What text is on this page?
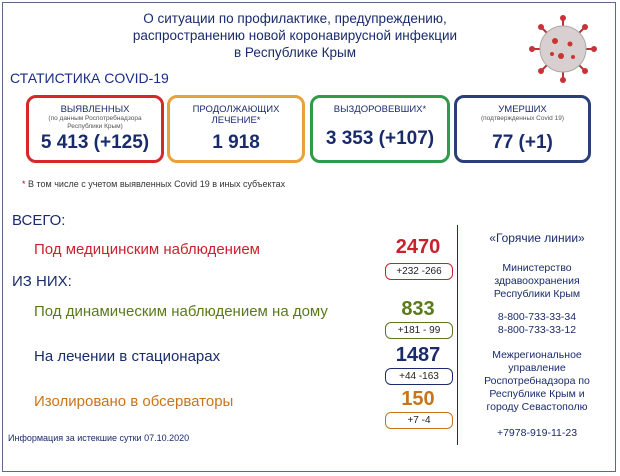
О ситуации по профилактике, предупреждению,
распространению новой коронавирусной инфекции
в Республике Крым
СТАТИСТИКА COVID-19
ВЫЯВЛЕННЫХ
(по данным Роспотребнадзора Республики Крым)
5 413 (+125)
ПРОДОЛЖАЮЩИХ ЛЕЧЕНИЕ*
1 918
ВЫЗДОРОВЕВШИХ*
3 353 (+107)
УМЕРШИХ
(подтвержденных Covid 19)
77 (+1)
* В том числе с учетом выявленных Covid 19 в иных субъектах
ВСЕГО:
ИЗ НИХ:
Под медицинским наблюдением	2470
+232 -266
Под динамическим наблюдением на дому	833
+181 - 99
На лечении в стационарах	1487
+44 -163
Изолировано в обсерваторы	150
+7 -4
«Горячие линии»
Министерство
здравоохранения
Республики Крым
8-800-733-33-34
8-800-733-33-12
Межрегиональное
управление
Роспотребнадзора по
Республике Крым и
городу Севастополю
+7978-919-11-23
Информация за истекшие сутки 07.10.2020
